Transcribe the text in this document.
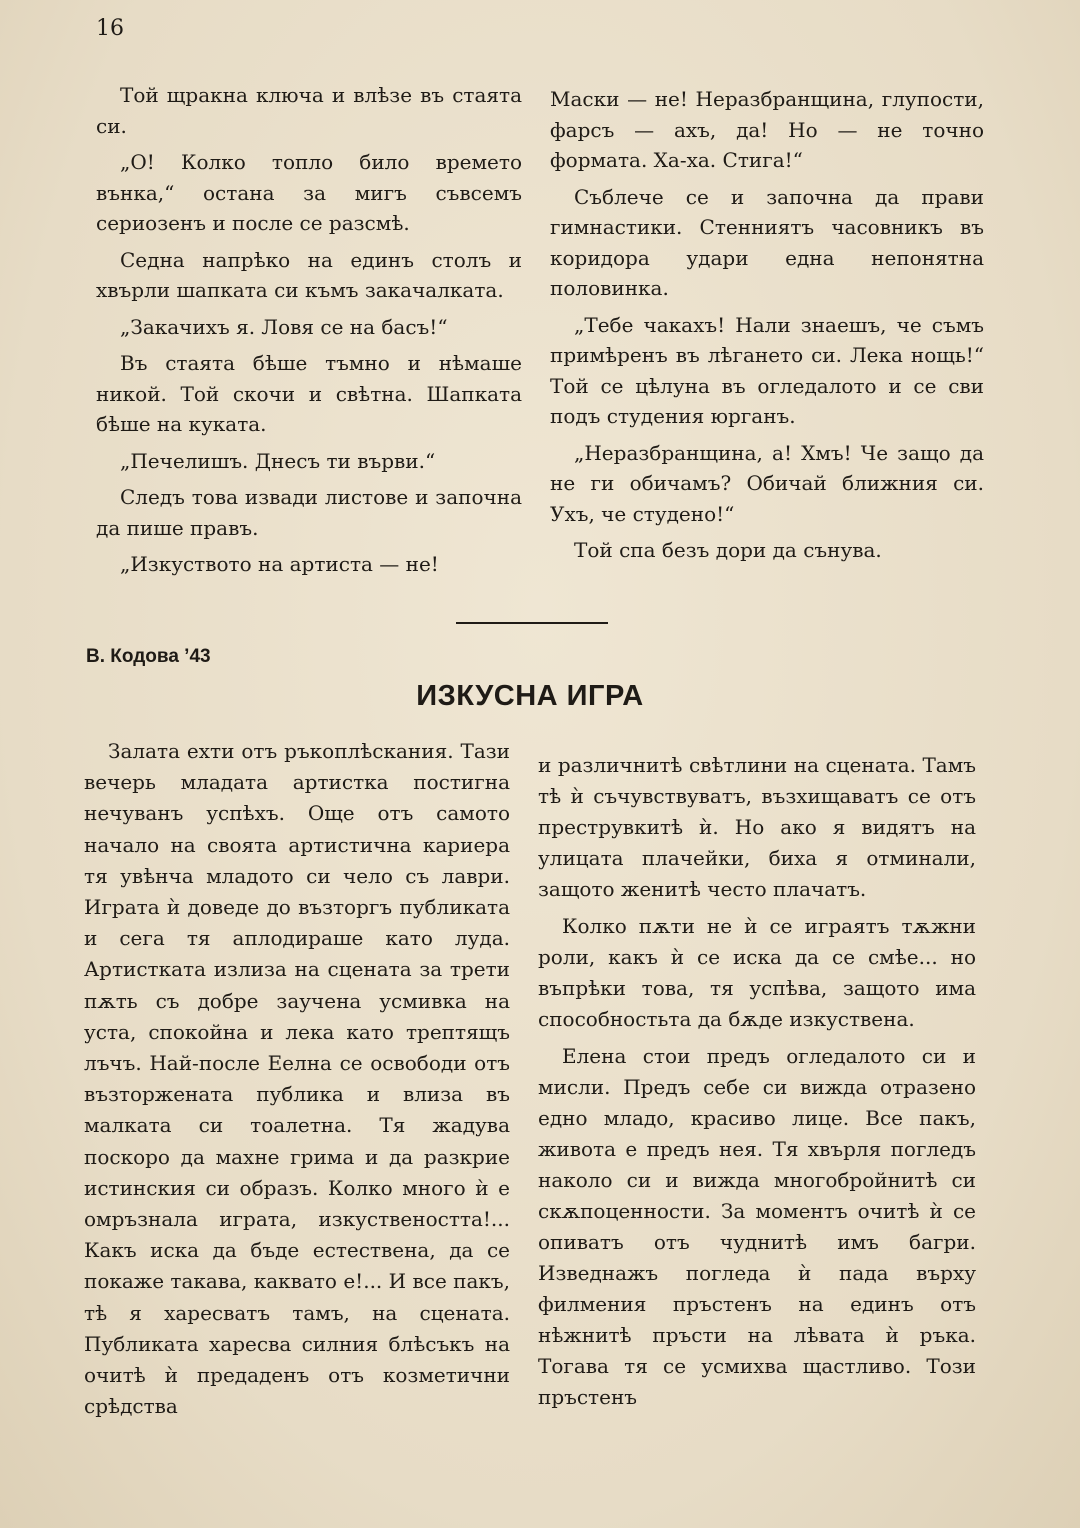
16

Той щракна ключа и влѣзе въ стаята си.

„О! Колко топло било времето вънка,“ остана за мигъ съвсемъ сериозенъ и после се разсмѣ.

Седна напрѣко на единъ столъ и хвърли шапката си къмъ закачалката.

„Закачихъ я. Ловя се на басъ!“

Въ стаята бѣше тъмно и нѣмаше никой. Той скочи и свѣтна. Шапката бѣше на куката.

„Печелишъ. Днесъ ти върви.“

Следъ това извади листове и започна да пише правъ.

„Изкуството на артиста — не!

Маски — не! Неразбранщина, глупости, фарсъ — ахъ, да! Но — не точно формата. Ха-ха. Стига!“

Съблече се и започна да прави гимнастики. Стенниятъ часовникъ въ коридора удари една непонятна половинка.

„Тебе чакахъ! Нали знаешъ, че съмъ примѣренъ въ лѣгането си. Лека нощь!“ Той се цѣлуна въ огледалото и се сви подъ студения юрганъ.

„Неразбранщина, а! Хмъ! Че защо да не ги обичамъ? Обичай ближния си. Ухъ, че студено!“

Той спа безъ дори да сънува.

В. Кодова ’43
ИЗКУСНА ИГРА

Залата ехти отъ ръкоплѣскания. Тази вечерь младата артистка постигна нечуванъ успѣхъ. Още отъ самото начало на своята артистична кариера тя увѣнча младото си чело съ лаври. Играта ѝ доведе до възторгъ публиката и сега тя аплодираше като луда. Артистката излиза на сцената за трети пѫть съ добре заучена усмивка на уста, спокойна и лека като трептящъ лъчъ. Най-после Еелна се освободи отъ възторжената публика и влиза въ малката си тоалетна. Тя жадува поскоро да махне грима и да разкрие истинския си образъ. Колко много ѝ е омръзнала играта, изкуствеността!... Какъ иска да бъде естествена, да се покаже такава, каквато е!... И все пакъ, тѣ я харесватъ тамъ, на сцената. Публиката харесва силния блѣсъкъ на очитѣ ѝ предаденъ отъ козметични срѣдства

и различнитѣ свѣтлини на сцената. Тамъ тѣ ѝ съчувствуватъ, възхищаватъ се отъ преструвкитѣ ѝ. Но ако я видятъ на улицата плачейки, биха я отминали, защото женитѣ често плачатъ.

Колко пѫти не ѝ се играятъ тѫжни роли, какъ ѝ се иска да се смѣе... но въпрѣки това, тя успѣва, защото има способностьта да бѫде изкуствена.

Елена стои предъ огледалото си и мисли. Предъ себе си вижда отразено едно младо, красиво лице. Все пакъ, живота е предъ нея. Тя хвърля погледъ наколо си и вижда многобройнитѣ си скѫпоценности. За моментъ очитѣ ѝ се опиватъ отъ чуднитѣ имъ багри. Изведнажъ погледа ѝ пада върху филмения пръстенъ на единъ отъ нѣжнитѣ пръсти на лѣвата ѝ ръка. Тогава тя се усмихва щастливо. Този пръстенъ
